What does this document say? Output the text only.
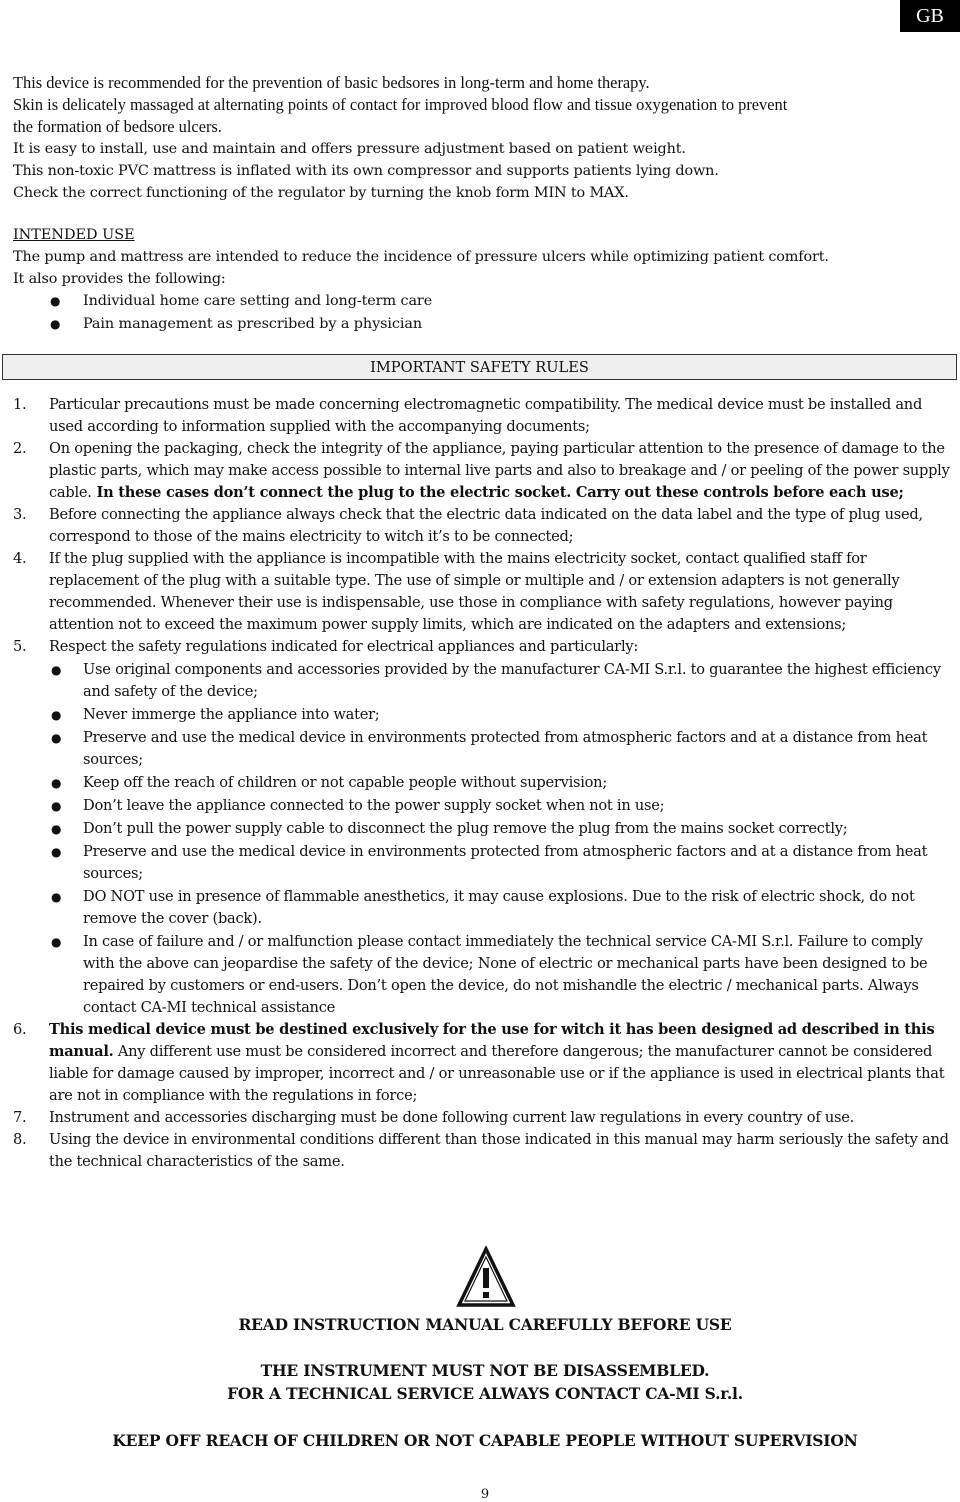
GB

This device is recommended for the prevention of basic bedsores in long-term and home therapy.

Skin is delicately massaged at alternating points of contact for improved blood flow and tissue oxygenation to prevent

the formation of bedsore ulcers.

It is easy to install, use and maintain and offers pressure adjustment based on patient weight.

This non-toxic PVC mattress is inflated with its own compressor and supports patients lying down.

Check the correct functioning of the regulator by turning the knob form MIN to MAX.

INTENDED USE

The pump and mattress are intended to reduce the incidence of pressure ulcers while optimizing patient comfort.

It also provides the following:

● Individual home care setting and long-term care
● Pain management as prescribed by a physician
IMPORTANT SAFETY RULES
1. Particular precautions must be made concerning electromagnetic compatibility. The medical device must be installed and used according to information supplied with the accompanying documents;
2. On opening the packaging, check the integrity of the appliance, paying particular attention to the presence of damage to the plastic parts, which may make access possible to internal live parts and also to breakage and / or peeling of the power supply cable. In these cases don’t connect the plug to the electric socket. Carry out these controls before each use;
3. Before connecting the appliance always check that the electric data indicated on the data label and the type of plug used, correspond to those of the mains electricity to witch it’s to be connected;
4. If the plug supplied with the appliance is incompatible with the mains electricity socket, contact qualified staff for replacement of the plug with a suitable type. The use of simple or multiple and / or extension adapters is not generally recommended. Whenever their use is indispensable, use those in compliance with safety regulations, however paying attention not to exceed the maximum power supply limits, which are indicated on the adapters and extensions;
5. Respect the safety regulations indicated for electrical appliances and particularly:
● Use original components and accessories provided by the manufacturer CA-MI S.r.l. to guarantee the highest efficiency and safety of the device;
● Never immerge the appliance into water;
● Preserve and use the medical device in environments protected from atmospheric factors and at a distance from heat sources;
● Keep off the reach of children or not capable people without supervision;
● Don’t leave the appliance connected to the power supply socket when not in use;
● Don’t pull the power supply cable to disconnect the plug remove the plug from the mains socket correctly;
● Preserve and use the medical device in environments protected from atmospheric factors and at a distance from heat sources;
● DO NOT use in presence of flammable anesthetics, it may cause explosions. Due to the risk of electric shock, do not remove the cover (back).
● In case of failure and / or malfunction please contact immediately the technical service CA-MI S.r.l. Failure to comply with the above can jeopardise the safety of the device; None of electric or mechanical parts have been designed to be repaired by customers or end-users. Don’t open the device, do not mishandle the electric / mechanical parts. Always contact CA-MI technical assistance
6. This medical device must be destined exclusively for the use for witch it has been designed ad described in this manual. Any different use must be considered incorrect and therefore dangerous; the manufacturer cannot be considered liable for damage caused by improper, incorrect and / or unreasonable use or if the appliance is used in electrical plants that are not in compliance with the regulations in force;
7. Instrument and accessories discharging must be done following current law regulations in every country of use.
8. Using the device in environmental conditions different than those indicated in this manual may harm seriously the safety and the technical characteristics of the same.
READ INSTRUCTION MANUAL CAREFULLY BEFORE USE
THE INSTRUMENT MUST NOT BE DISASSEMBLED.
FOR A TECHNICAL SERVICE ALWAYS CONTACT CA-MI S.r.l.
KEEP OFF REACH OF CHILDREN OR NOT CAPABLE PEOPLE WITHOUT SUPERVISION
9
